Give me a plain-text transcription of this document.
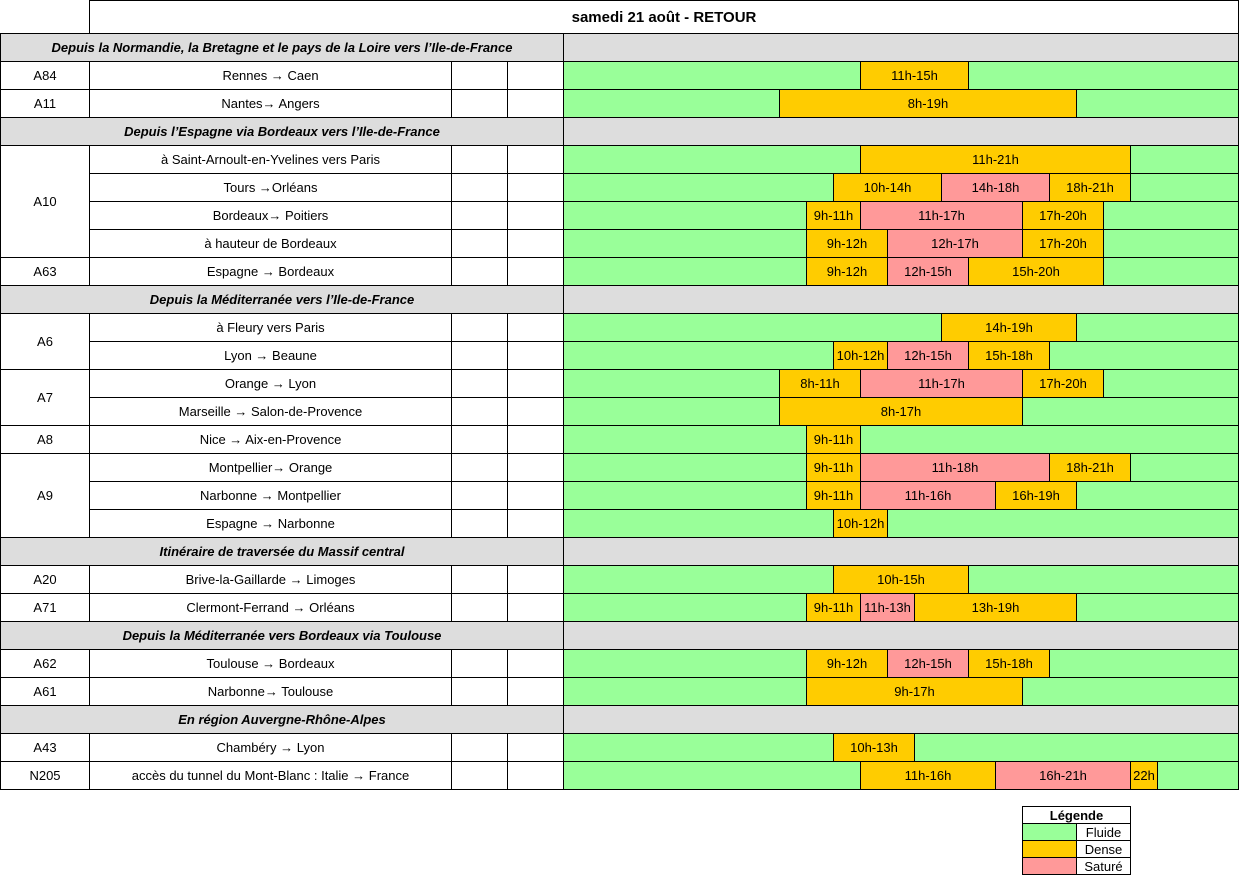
samedi 21 août - RETOUR
Depuis la Normandie, la Bretagne et le pays de la Loire vers l’Ile-de-France
A84	Rennes → Caen	11h-15h
A11	Nantes→ Angers	8h-19h
Depuis l’Espagne via Bordeaux vers l’Ile-de-France
A10
à Saint-Arnoult-en-Yvelines vers Paris	11h-21h
Tours →Orléans	10h-14h	14h-18h	18h-21h
Bordeaux→ Poitiers	9h-11h	11h-17h	17h-20h
à hauteur de Bordeaux	9h-12h	12h-17h	17h-20h
A63	Espagne → Bordeaux	9h-12h	12h-15h	15h-20h
Depuis la Méditerranée vers l’Ile-de-France
A6
à Fleury vers Paris	14h-19h
Lyon → Beaune	10h-12h	12h-15h	15h-18h
A7
Orange → Lyon	8h-11h	11h-17h	17h-20h
Marseille → Salon-de-Provence	8h-17h
A8	Nice → Aix-en-Provence	9h-11h
A9
Montpellier→ Orange	9h-11h	11h-18h	18h-21h
Narbonne → Montpellier	9h-11h	11h-16h	16h-19h
Espagne → Narbonne	10h-12h
Itinéraire de traversée du Massif central
A20	Brive-la-Gaillarde → Limoges	10h-15h
A71	Clermont-Ferrand → Orléans	9h-11h 11h-13h	13h-19h
Depuis la Méditerranée vers Bordeaux via Toulouse
A62	Toulouse → Bordeaux	9h-12h	12h-15h	15h-18h
A61	Narbonne→ Toulouse	9h-17h
En région Auvergne-Rhône-Alpes
A43	Chambéry → Lyon	10h-13h
N205	accès du tunnel du Mont-Blanc : Italie → France	11h-16h	16h-21h	22h
Légende
Fluide
Dense
Saturé
